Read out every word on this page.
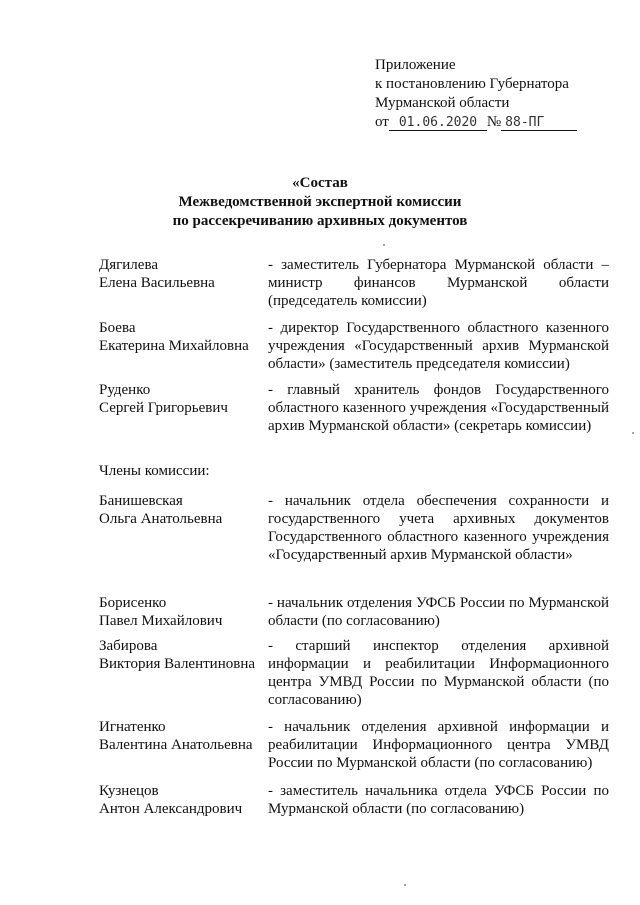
Приложение
к постановлению Губернатора
Мурманской области
от 01.06.2020 № 88-ПГ
«Состав
Межведомственной экспертной комиссии
по рассекречиванию архивных документов
Дягилева
Елена Васильевна
- заместитель Губернатора Мурманской области – министр финансов Мурманской области (председатель комиссии)
Боева
Екатерина Михайловна
- директор Государственного областного казенного учреждения «Государственный архив Мурманской области» (заместитель председателя комиссии)
Руденко
Сергей Григорьевич
- главный хранитель фондов Государственного областного казенного учреждения «Государственный архив Мурманской области» (секретарь комиссии)
Члены комиссии:
Банишевская
Ольга Анатольевна
- начальник отдела обеспечения сохранности и государственного учета архивных документов Государственного областного казенного учреждения «Государственный архив Мурманской области»
Борисенко
Павел Михайлович
- начальник отделения УФСБ России по Мурманской области (по согласованию)
Забирова
Виктория Валентиновна
- старший инспектор отделения архивной информации и реабилитации Информационного центра УМВД России по Мурманской области (по согласованию)
Игнатенко
Валентина Анатольевна
- начальник отделения архивной информации и реабилитации Информационного центра УМВД России по Мурманской области (по согласованию)
Кузнецов
Антон Александрович
- заместитель начальника отдела УФСБ России по Мурманской области (по согласованию)
